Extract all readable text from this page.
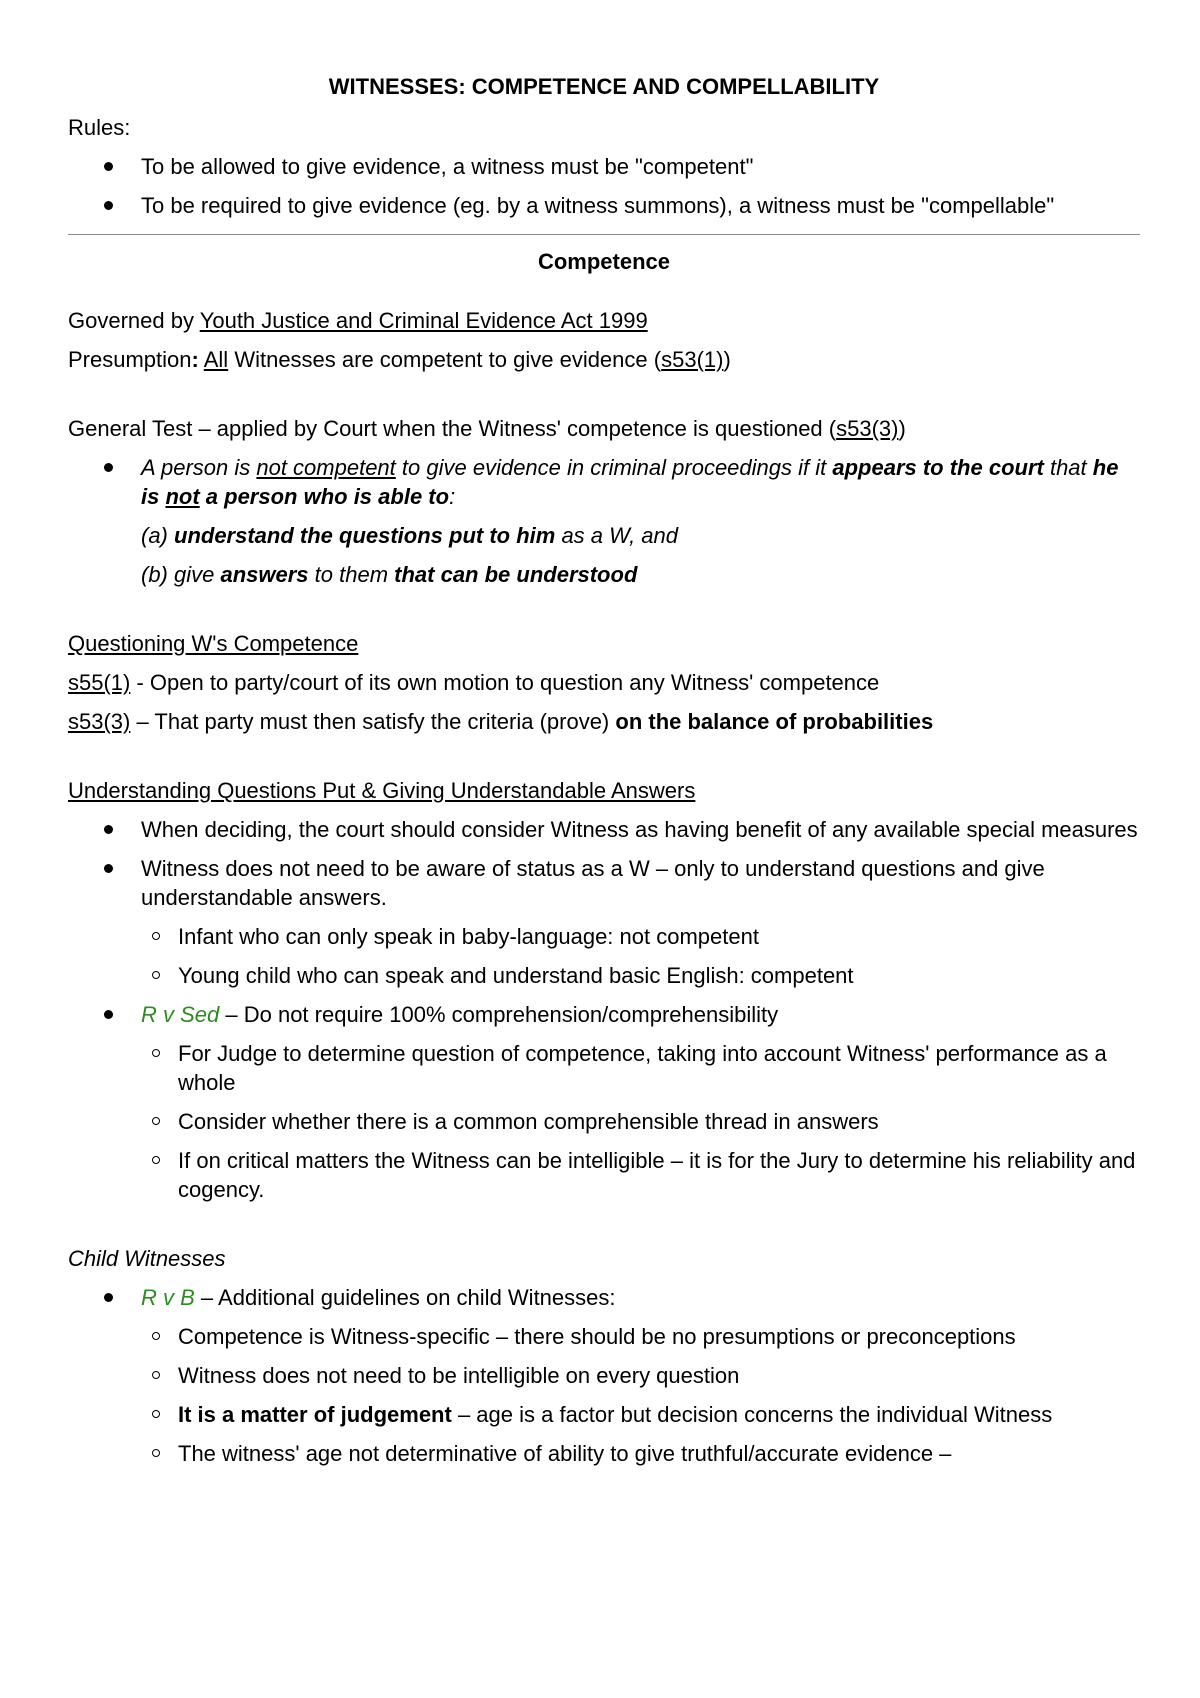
WITNESSES: COMPETENCE AND COMPELLABILITY
Rules:
To be allowed to give evidence, a witness must be "competent"
To be required to give evidence (eg. by a witness summons), a witness must be "compellable"
Competence
Governed by Youth Justice and Criminal Evidence Act 1999
Presumption: All Witnesses are competent to give evidence (s53(1))
General Test – applied by Court when the Witness' competence is questioned (s53(3))
A person is not competent to give evidence in criminal proceedings if it appears to the court that he is not a person who is able to:
(a) understand the questions put to him as a W, and
(b) give answers to them that can be understood
Questioning W's Competence
s55(1) - Open to party/court of its own motion to question any Witness' competence
s53(3) – That party must then satisfy the criteria (prove) on the balance of probabilities
Understanding Questions Put & Giving Understandable Answers
When deciding, the court should consider Witness as having benefit of any available special measures
Witness does not need to be aware of status as a W – only to understand questions and give understandable answers.
Infant who can only speak in baby-language: not competent
Young child who can speak and understand basic English: competent
R v Sed – Do not require 100% comprehension/comprehensibility
For Judge to determine question of competence, taking into account Witness' performance as a whole
Consider whether there is a common comprehensible thread in answers
If on critical matters the Witness can be intelligible – it is for the Jury to determine his reliability and cogency.
Child Witnesses
R v B – Additional guidelines on child Witnesses:
Competence is Witness-specific – there should be no presumptions or preconceptions
Witness does not need to be intelligible on every question
It is a matter of judgement – age is a factor but decision concerns the individual Witness
The witness' age not determinative of ability to give truthful/accurate evidence –
